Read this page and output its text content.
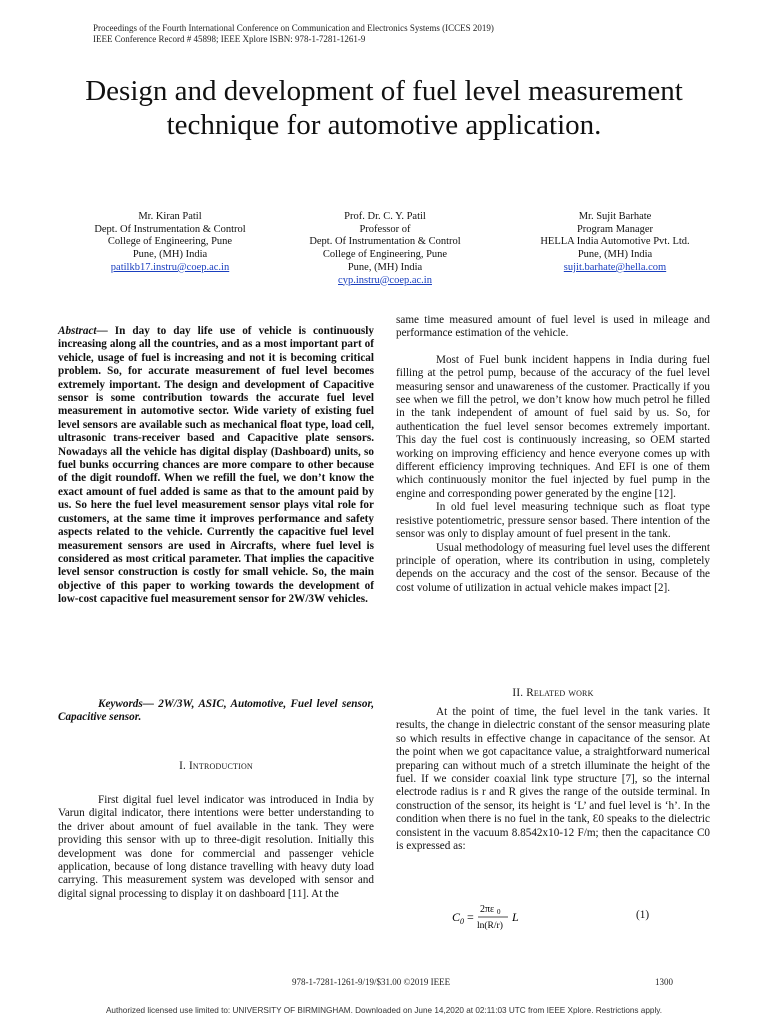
Proceedings of the Fourth International Conference on Communication and Electronics Systems (ICCES 2019)
IEEE Conference Record # 45898; IEEE Xplore ISBN: 978-1-7281-1261-9
Design and development of fuel level measurement
technique for automotive application.
Mr. Kiran Patil
Dept. Of Instrumentation & Control
College of Engineering, Pune
Pune, (MH) India
patilkb17.instru@coep.ac.in
Prof. Dr. C. Y. Patil
Professor of
Dept. Of Instrumentation & Control
College of Engineering, Pune
Pune, (MH) India
cyp.instru@coep.ac.in
Mr. Sujit Barhate
Program Manager
HELLA India Automotive Pvt. Ltd.
Pune, (MH) India
sujit.barhate@hella.com

Abstract— In day to day life use of vehicle is continuously increasing along all the countries, and as a most important part of vehicle, usage of fuel is increasing and not it is becoming critical problem. So, for accurate measurement of fuel level becomes extremely important. The design and development of Capacitive sensor is some contribution towards the accurate fuel level measurement in automotive sector. Wide variety of existing fuel level sensors are available such as mechanical float type, load cell, ultrasonic trans-receiver based and Capacitive plate sensors. Nowadays all the vehicle has digital display (Dashboard) units, so fuel bunks occurring chances are more compare to other because of the digit roundoff. When we refill the fuel, we don’t know the exact amount of fuel added is same as that to the amount paid by us. So here the fuel level measurement sensor plays vital role for customers, at the same time it improves performance and safety aspects related to the vehicle. Currently the capacitive fuel level measurement sensors are used in Aircrafts, where fuel level is considered as most critical parameter. That implies the capacitive level sensor construction is costly for small vehicle. So, the main objective of this paper to working towards the development of low-cost capacitive fuel measurement sensor for 2W/3W vehicles.

Keywords— 2W/3W, ASIC, Automotive, Fuel level sensor, Capacitive sensor.

I. Introduction

First digital fuel level indicator was introduced in India by Varun digital indicator, there intentions were better understanding to the driver about amount of fuel available in the tank. They were providing this sensor with up to three-digit resolution. Initially this development was done for commercial and passenger vehicle application, because of long distance travelling with heavy duty load carrying. This measurement system was developed with sensor and digital signal processing to display it on dashboard [11]. At the

same time measured amount of fuel level is used in mileage and performance estimation of the vehicle.

Most of Fuel bunk incident happens in India during fuel filling at the petrol pump, because of the accuracy of the fuel level measuring sensor and unawareness of the customer. Practically if you see when we fill the petrol, we don’t know how much petrol he filled in the tank independent of amount of fuel said by us. So, for authentication the fuel level sensor becomes extremely important. This day the fuel cost is continuously increasing, so OEM started working on improving efficiency and hence everyone comes up with different efficiency improving techniques. And EFI is one of them which continuously monitor the fuel injected by fuel pump in the engine and corresponding power generated by the engine [12].

In old fuel level measuring technique such as float type resistive potentiometric, pressure sensor based. There intention of the sensor was only to display amount of fuel present in the tank.

Usual methodology of measuring fuel level uses the different principle of operation, where its contribution in using, completely depends on the accuracy and the cost of the sensor. Because of the cost volume of utilization in actual vehicle makes impact [2].

II. Related work

At the point of time, the fuel level in the tank varies. It results, the change in dielectric constant of the sensor measuring plate so which results in effective change in capacitance of the sensor. At the point when we got capacitance value, a straightforward numerical preparing can without much of a stretch illuminate the height of the fuel. If we consider coaxial link type structure [7], so the internal electrode radius is r and R gives the range of the outside terminal. In construction of the sensor, its height is ‘L’ and fuel level is ‘h’. In the condition when there is no fuel in the tank, Ɛ0 speaks to the dielectric consistent in the vacuum 8.8542x10-12 F/m; then the capacitance C0 is expressed as:

C 0 =
2πε 0
ln(R/r)
L	(1)
978-1-7281-1261-9/19/$31.00 ©2019 IEEE	1300
Authorized licensed use limited to: UNIVERSITY OF BIRMINGHAM. Downloaded on June 14,2020 at 02:11:03 UTC from IEEE Xplore. Restrictions apply.
